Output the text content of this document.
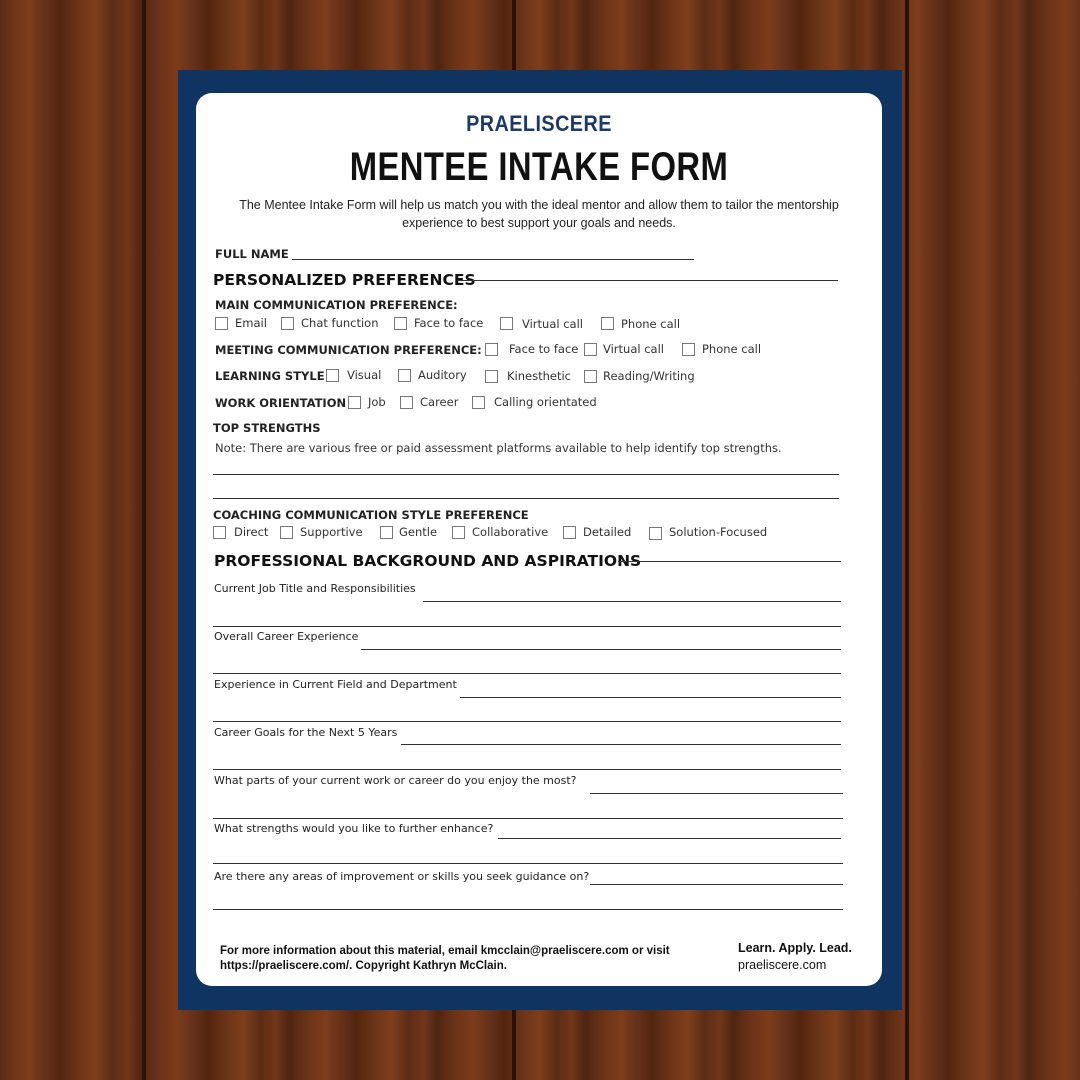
PRAELISCERE
MENTEE INTAKE FORM
The Mentee Intake Form will help us match you with the ideal mentor and allow them to tailor the mentorship experience to best support your goals and needs.
FULL NAME
PERSONALIZED PREFERENCES
MAIN COMMUNICATION PREFERENCE:
Email	Chat function	Face to face	Virtual call	Phone call
MEETING COMMUNICATION PREFERENCE: Face to face Virtual call	Phone call
LEARNING STYLE Visual	Auditory	Kinesthetic	Reading/Writing
WORK ORIENTATION Job	Career	Calling orientated
TOP STRENGTHS
Note: There are various free or paid assessment platforms available to help identify top strengths.
COACHING COMMUNICATION STYLE PREFERENCE
Direct	Supportive	Gentle	Collaborative	Detailed	Solution-Focused
PROFESSIONAL BACKGROUND AND ASPIRATIONS
Current Job Title and Responsibilities
Overall Career Experience
Experience in Current Field and Department
Career Goals for the Next 5 Years
What parts of your current work or career do you enjoy the most?
What strengths would you like to further enhance?
Are there any areas of improvement or skills you seek guidance on?
For more information about this material, email kmcclain@praeliscere.com or visit https://praeliscere.com/. Copyright Kathryn McClain.
Learn. Apply. Lead.
praeliscere.com
